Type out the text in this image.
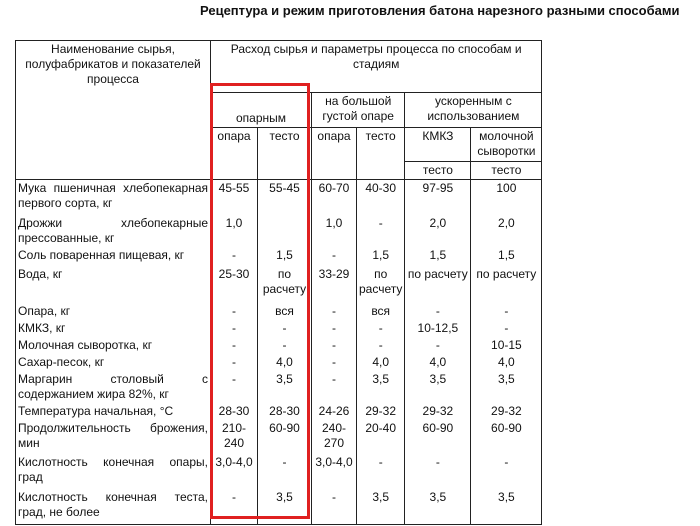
Рецептура и режим приготовления батона нарезного разными способами
Наименование сырья, полуфабрикатов и показателей процесса	Расход сырья и параметры процесса по способам и стадиям					
	опарным		на большой густой опаре		ускоренным с использованием	
	опара	тесто	опара	тесто	КМКЗ	молочной сыворотки
					тесто	тесто
Мука пшеничная хлебопекарная первого сорта, кг	45-55	55-45	60-70	40-30	97-95	100
Дрожжи хлебопекарные прессованные, кг	1,0		1,0	-	2,0	2,0
Соль поваренная пищевая, кг	-	1,5	-	1,5	1,5	1,5
Вода, кг	25-30	по расчету	33-29	по расчету	по расчету	по расчету
Опара, кг	-	вся	-	вся	-	-
КМКЗ, кг	-	-	-	-	10-12,5	-
Молочная сыворотка, кг	-	-	-	-	-	10-15
Сахар-песок, кг	-	4,0	-	4,0	4,0	4,0
Маргарин столовый с содержанием жира 82%, кг	-	3,5	-	3,5	3,5	3,5
Температура начальная, °С	28-30	28-30	24-26	29-32	29-32	29-32
Продолжительность брожения, мин	210-240	60-90	240-270	20-40	60-90	60-90
Кислотность конечная опары, град	3,0-4,0	-	3,0-4,0	-	-	-
Кислотность конечная теста, град, не более	-	3,5	-	3,5	3,5	3,5
